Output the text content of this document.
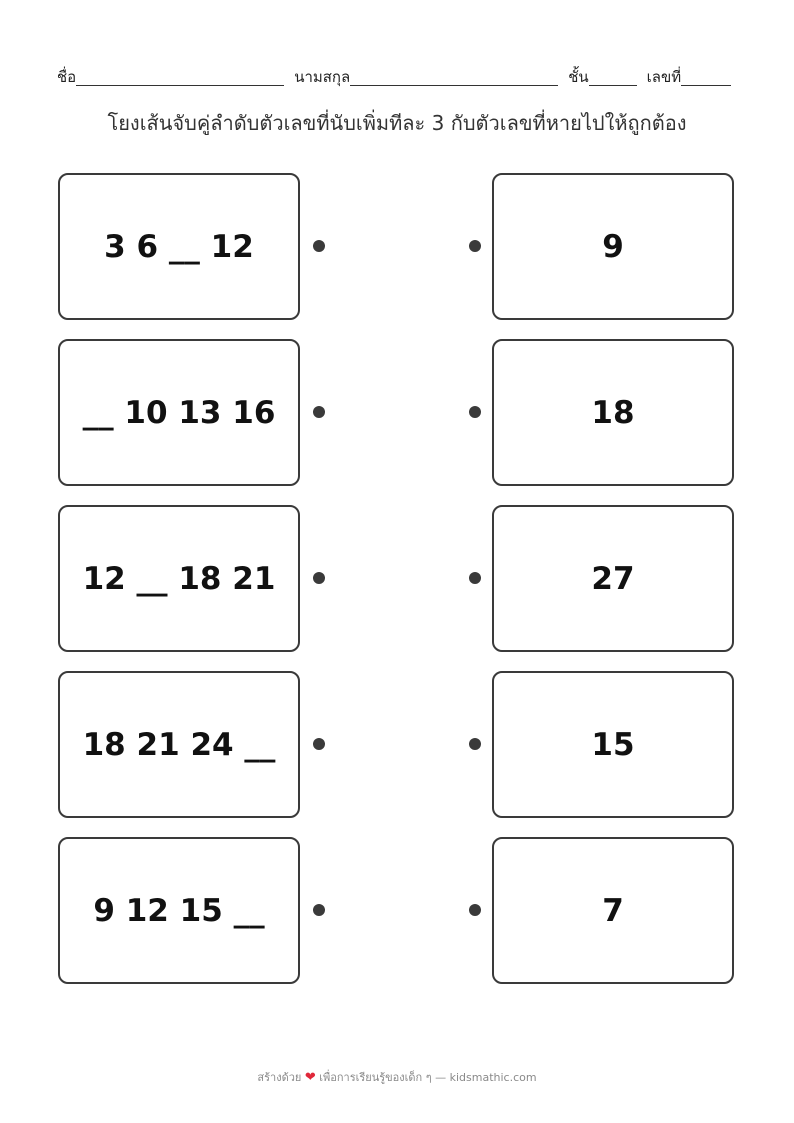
ชื่อ	นามสกุล	ชั้น	เลขที่
โยงเส้นจับคู่ลำดับตัวเลขที่นับเพิ่มทีละ 3 กับตัวเลขที่หายไปให้ถูกต้อง
3 6 __ 12	9
__ 10 13 16	18
12 __ 18 21	27
18 21 24 __	15
9 12 15 __	7
สร้างด้วย ❤ เพื่อการเรียนรู้ของเด็ก ๆ — kidsmathic.com
